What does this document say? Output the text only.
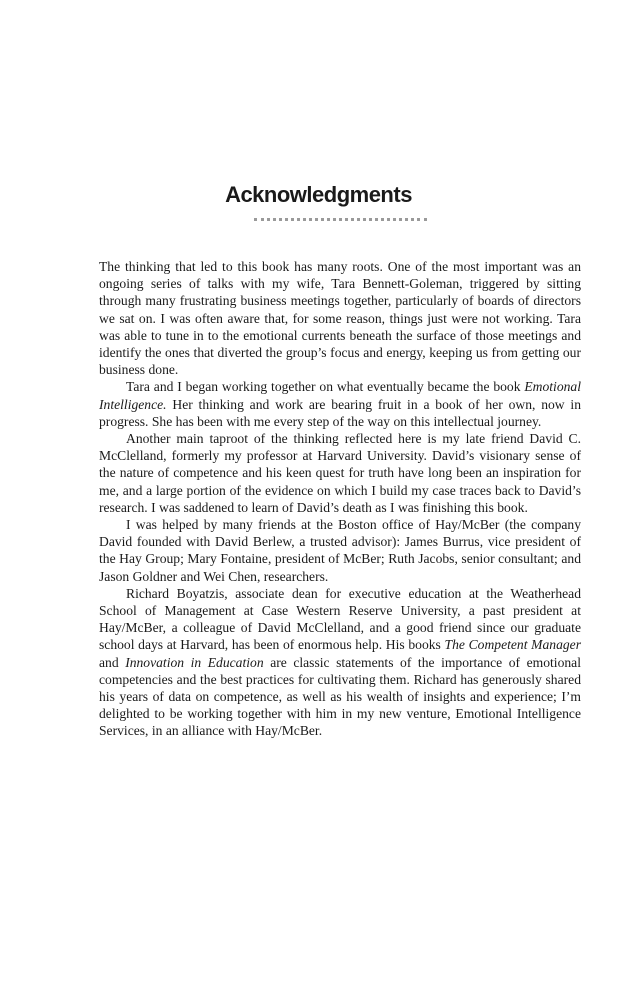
Acknowledgments

The thinking that led to this book has many roots. One of the most important was an ongoing series of talks with my wife, Tara Bennett-Goleman, triggered by sitting through many frustrating business meetings together, particularly of boards of directors we sat on. I was often aware that, for some reason, things just were not working. Tara was able to tune in to the emotional currents beneath the surface of those meetings and identify the ones that diverted the group’s focus and energy, keeping us from getting our business done.

Tara and I began working together on what eventually became the book Emotional Intelligence. Her thinking and work are bearing fruit in a book of her own, now in progress. She has been with me every step of the way on this intellectual journey.

Another main taproot of the thinking reflected here is my late friend David C. McClelland, formerly my professor at Harvard University. David’s visionary sense of the nature of competence and his keen quest for truth have long been an inspiration for me, and a large portion of the evidence on which I build my case traces back to David’s research. I was saddened to learn of David’s death as I was finishing this book.

I was helped by many friends at the Boston office of Hay/McBer (the company David founded with David Berlew, a trusted advisor): James Burrus, vice president of the Hay Group; Mary Fontaine, president of McBer; Ruth Jacobs, senior consultant; and Jason Goldner and Wei Chen, researchers.

Richard Boyatzis, associate dean for executive education at the Weatherhead School of Management at Case Western Reserve University, a past president at Hay/McBer, a colleague of David McClelland, and a good friend since our graduate school days at Harvard, has been of enormous help. His books The Competent Manager and Innovation in Education are classic statements of the importance of emotional competencies and the best practices for cultivating them. Richard has generously shared his years of data on competence, as well as his wealth of insights and experience; I’m delighted to be working together with him in my new venture, Emotional Intelligence Services, in an alliance with Hay/McBer.
